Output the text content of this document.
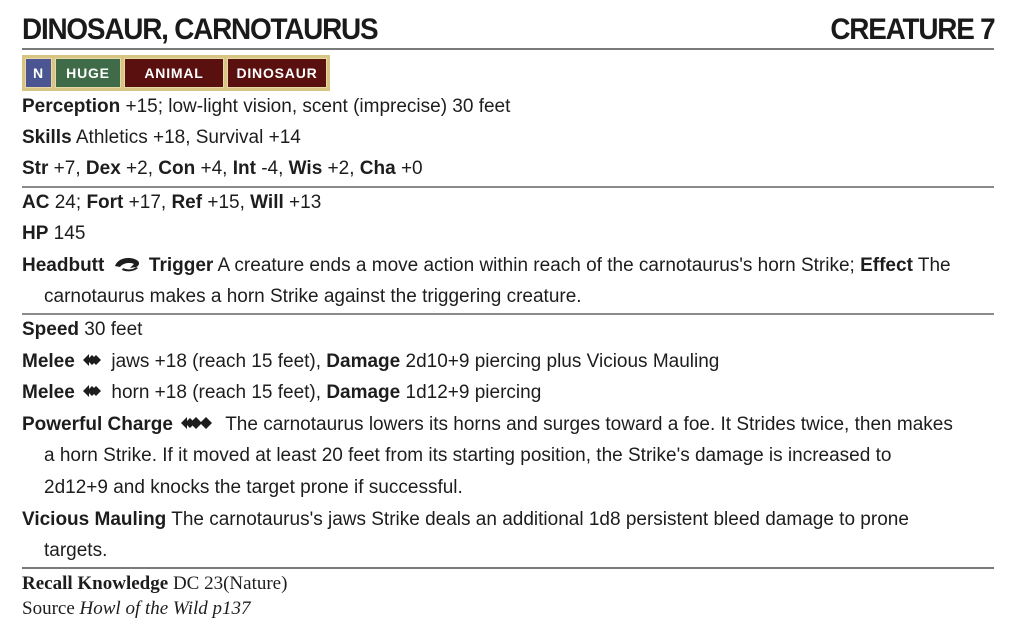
DINOSAUR, CARNOTAURUS	CREATURE 7
N	HUGE	ANIMAL	DINOSAUR
Perception +15; low-light vision, scent (imprecise) 30 feet
Skills Athletics +18, Survival +14
Str +7, Dex +2, Con +4, Int -4, Wis +2, Cha +0
AC 24; Fort +17, Ref +15, Will +13
HP 145
Headbutt Trigger A creature ends a move action within reach of the carnotaurus's horn Strike; Effect The
carnotaurus makes a horn Strike against the triggering creature.
Speed 30 feet
Melee  jaws +18 (reach 15 feet), Damage 2d10+9 piercing plus Vicious Mauling
Melee  horn +18 (reach 15 feet), Damage 1d12+9 piercing
Powerful Charge	The carnotaurus lowers its horns and surges toward a foe. It Strides twice, then makes
a horn Strike. If it moved at least 20 feet from its starting position, the Strike's damage is increased to
2d12+9 and knocks the target prone if successful.
Vicious Mauling The carnotaurus's jaws Strike deals an additional 1d8 persistent bleed damage to prone
targets.
Recall Knowledge DC 23(Nature)
Source Howl of the Wild p137
